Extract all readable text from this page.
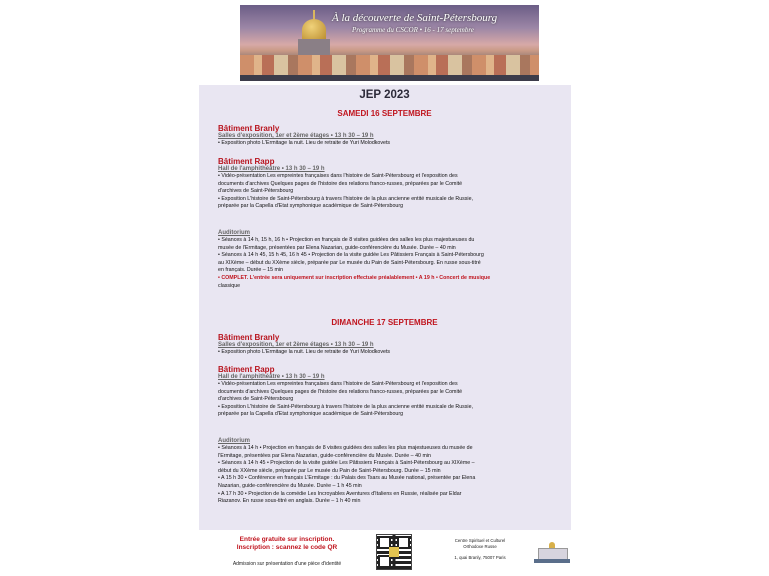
À la découverte de Saint-Pétersbourg
Programme du CSCOR • 16 - 17 septembre
JEP 2023
SAMEDI 16 SEPTEMBRE
Bâtiment Branly
Salles d'exposition, 1er et 2ème étages • 13 h 30 – 19 h
• Exposition photo L'Ermitage la nuit. Lieu de retraite de Yuri Molodkovets
Bâtiment Rapp
Hall de l'amphithéâtre • 13 h 30 – 19 h
• Vidéo-présentation Les empreintes françaises dans l'histoire de Saint-Pétersbourg et l'exposition des
documents d'archives Quelques pages de l'histoire des relations franco-russes, préparées par le Comité
d'archives de Saint-Pétersbourg
• Exposition L'histoire de Saint-Pétersbourg à travers l'histoire de la plus ancienne entité musicale de Russie,
préparée par la Capella d'Etat symphonique académique de Saint-Pétersbourg
Auditorium
• Séances à 14 h, 15 h, 16 h • Projection en français de 8 visites guidées des salles les plus majestueuses du
musée de l'Ermitage, présentées par Elena Nazarian, guide-conférencière du Musée. Durée – 40 min
• Séances à 14 h 45, 15 h 45, 16 h 45 • Projection de la visite guidée Les Pâtissiers Français à Saint-Pétersbourg
au XIXème – début du XXème siècle, préparée par Le musée du Pain de Saint-Pétersbourg. En russe sous-titré
en français. Durée – 15 min
• COMPLET. L'entrée sera uniquement sur inscription effectuée préalablement • A 19 h • Concert de musique
classique
DIMANCHE 17 SEPTEMBRE
Bâtiment Branly
Salles d'exposition, 1er et 2ème étages • 13 h 30 – 19 h
• Exposition photo L'Ermitage la nuit. Lieu de retraite de Yuri Molodkovets
Bâtiment Rapp
Hall de l'amphithéâtre • 13 h 30 – 19 h
• Vidéo-présentation Les empreintes françaises dans l'histoire de Saint-Pétersbourg et l'exposition des
documents d'archives Quelques pages de l'histoire des relations franco-russes, préparées par le Comité
d'archives de Saint-Pétersbourg
• Exposition L'histoire de Saint-Pétersbourg à travers l'histoire de la plus ancienne entité musicale de Russie,
préparée par la Capella d'Etat symphonique académique de Saint-Pétersbourg
Auditorium
• Séances à 14 h • Projection en français de 8 visites guidées des salles les plus majestueuses du musée de
l'Ermitage, présentées par Elena Nazarian, guide-conférencière du Musée. Durée – 40 min
• Séances à 14 h 45 • Projection de la visite guidée Les Pâtissiers Français à Saint-Pétersbourg au XIXème –
début du XXème siècle, préparée par Le musée du Pain de Saint-Pétersbourg. Durée – 15 min
• A 15 h 30 • Conférence en français L'Ermitage : du Palais des Tsars au Musée national, présentée par Elena
Nazarian, guide-conférencière du Musée. Durée – 1 h 45 min
• A 17 h 30 • Projection de la comédie Les Incroyables Aventures d'Italiens en Russie, réalisée par Eldar
Riazanov. En russe sous-titré en anglais. Durée – 1 h 40 min
Entrée gratuite sur inscription.
Inscription : scannez le code QR
Admission sur présentation d'une pièce d'identité
Centre Spirituel et Culturel
Orthodoxe Russe
1, quai Branly, 75007 Paris
